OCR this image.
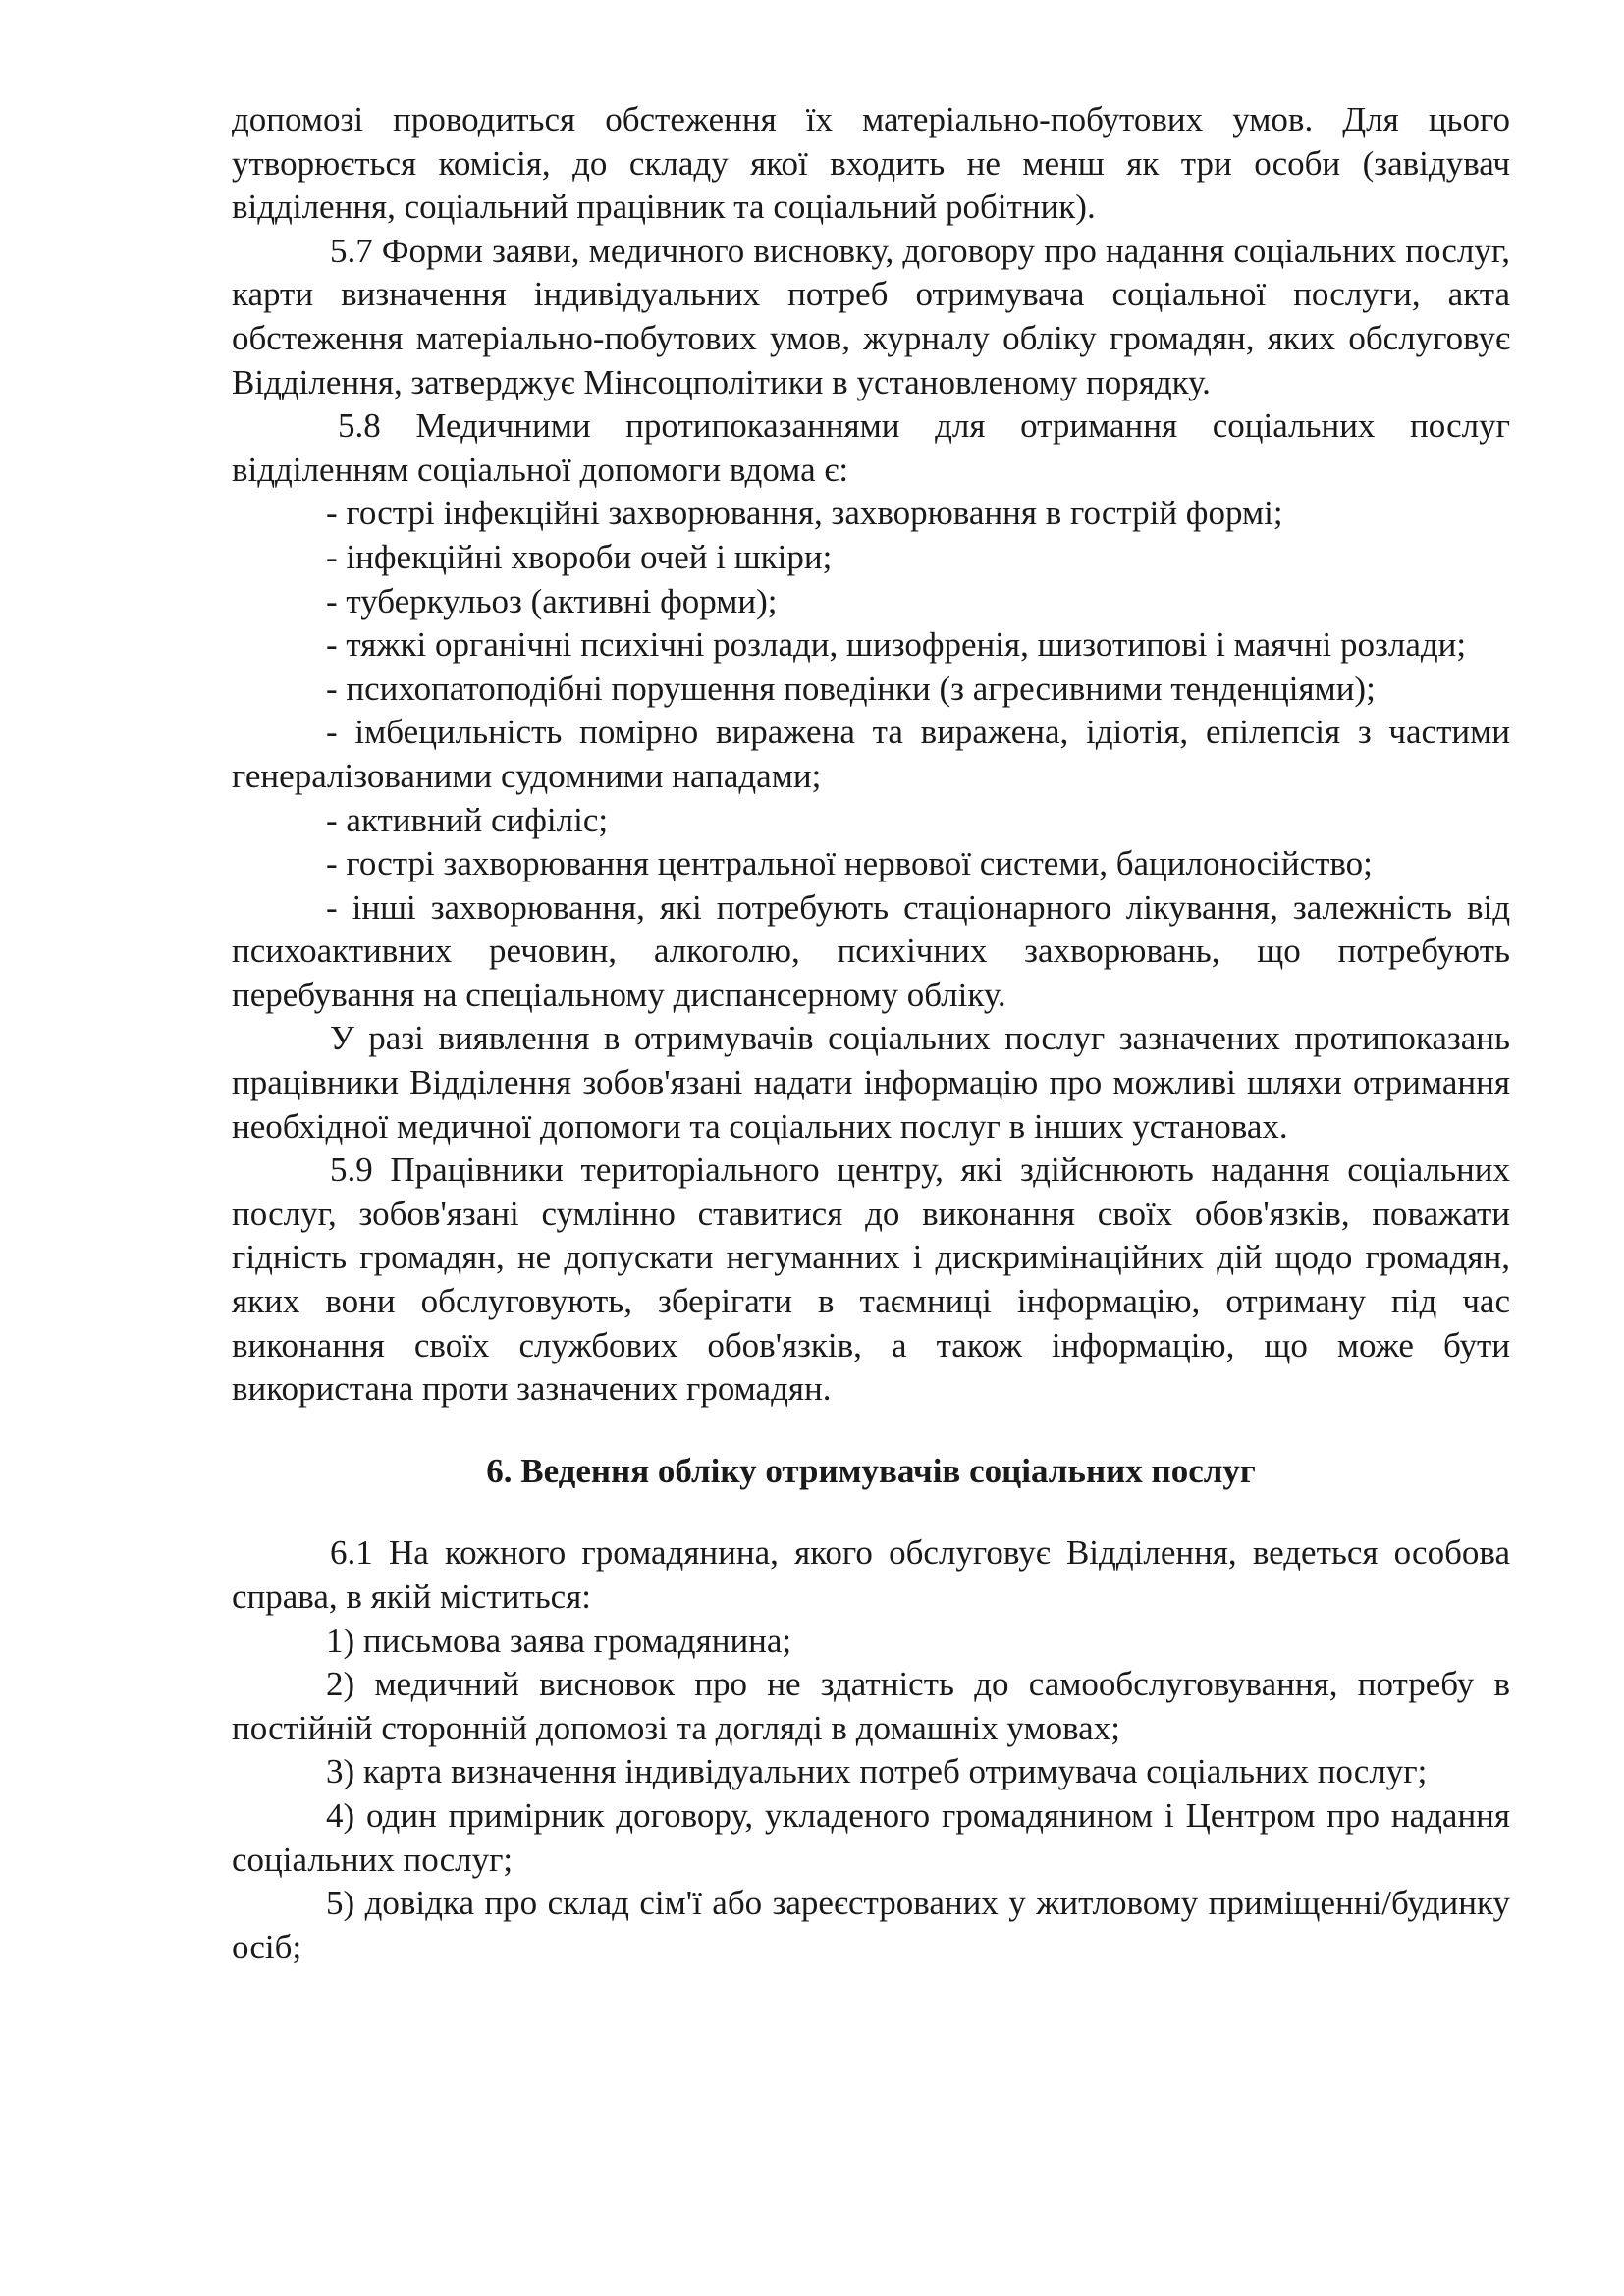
допомозі проводиться обстеження їх матеріально-побутових умов. Для цього утворюється комісія, до складу якої входить не менш як три особи (завідувач відділення, соціальний працівник та соціальний робітник).

5.7 Форми заяви, медичного висновку, договору про надання соціальних послуг, карти визначення індивідуальних потреб отримувача соціальної послуги, акта обстеження матеріально-побутових умов, журналу обліку громадян, яких обслуговує Відділення, затверджує Мінсоцполітики в установленому порядку.

5.8 Медичними протипоказаннями для отримання соціальних послуг відділенням соціальної допомоги вдома є:

- гострі інфекційні захворювання, захворювання в гострій формі;

- інфекційні хвороби очей і шкіри;

- туберкульоз (активні форми);

- тяжкі органічні психічні розлади, шизофренія, шизотипові і маячні розлади;

- психопатоподібні порушення поведінки (з агресивними тенденціями);

- імбецильність помірно виражена та виражена, ідіотія, епілепсія з частими генералізованими судомними нападами;

- активний сифіліс;

- гострі захворювання центральної нервової системи, бацилоносійство;

- інші захворювання, які потребують стаціонарного лікування, залежність від психоактивних речовин, алкоголю, психічних захворювань, що потребують перебування на спеціальному диспансерному обліку.

У разі виявлення в отримувачів соціальних послуг зазначених протипоказань працівники Відділення зобов'язані надати інформацію про можливі шляхи отримання необхідної медичної допомоги та соціальних послуг в інших установах.

5.9 Працівники територіального центру, які здійснюють надання соціальних послуг, зобов'язані сумлінно ставитися до виконання своїх обов'язків, поважати гідність громадян, не допускати негуманних і дискримінаційних дій щодо громадян, яких вони обслуговують, зберігати в таємниці інформацію, отриману під час виконання своїх службових обов'язків, а також інформацію, що може бути використана проти зазначених громадян.

6. Ведення обліку отримувачів соціальних послуг

6.1 На кожного громадянина, якого обслуговує Відділення, ведеться особова справа, в якій міститься:

1) письмова заява громадянина;

2) медичний висновок про не здатність до самообслуговування, потребу в постійній сторонній допомозі та догляді в домашніх умовах;

3) карта визначення індивідуальних потреб отримувача соціальних послуг;

4) один примірник договору, укладеного громадянином і Центром про надання соціальних послуг;

5) довідка про склад сім'ї або зареєстрованих у житловому приміщенні/будинку осіб;
